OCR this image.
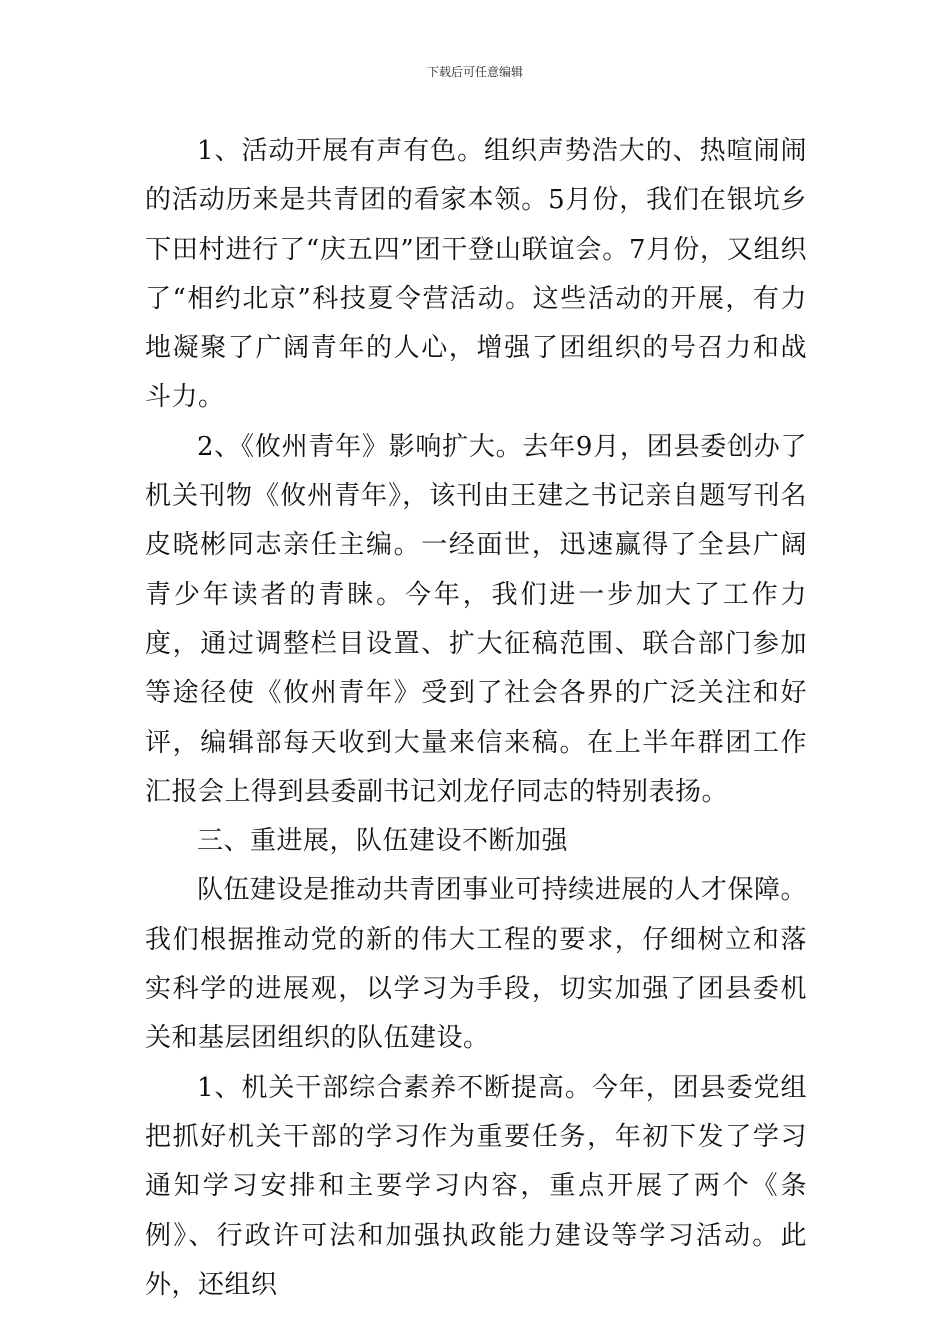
下载后可任意编辑

1、活动开展有声有色。组织声势浩大的、热喧闹闹的活动历来是共青团的看家本领。5月份，我们在银坑乡下田村进行了“庆五四”团干登山联谊会。7月份，又组织了“相约北京”科技夏令营活动。这些活动的开展，有力地凝聚了广阔青年的人心，增强了团组织的号召力和战斗力。

2、《攸州青年》影响扩大。去年9月，团县委创办了机关刊物《攸州青年》，该刊由王建之书记亲自题写刊名皮晓彬同志亲任主编。一经面世，迅速赢得了全县广阔青少年读者的青睐。今年，我们进一步加大了工作力度，通过调整栏目设置、扩大征稿范围、联合部门参加等途径使《攸州青年》受到了社会各界的广泛关注和好评，编辑部每天收到大量来信来稿。在上半年群团工作汇报会上得到县委副书记刘龙仔同志的特别表扬。

三、重进展，队伍建设不断加强

队伍建设是推动共青团事业可持续进展的人才保障。我们根据推动党的新的伟大工程的要求，仔细树立和落实科学的进展观，以学习为手段，切实加强了团县委机关和基层团组织的队伍建设。

1、机关干部综合素养不断提高。今年，团县委党组把抓好机关干部的学习作为重要任务，年初下发了学习通知学习安排和主要学习内容，重点开展了两个《条例》、行政许可法和加强执政能力建设等学习活动。此外，还组织
